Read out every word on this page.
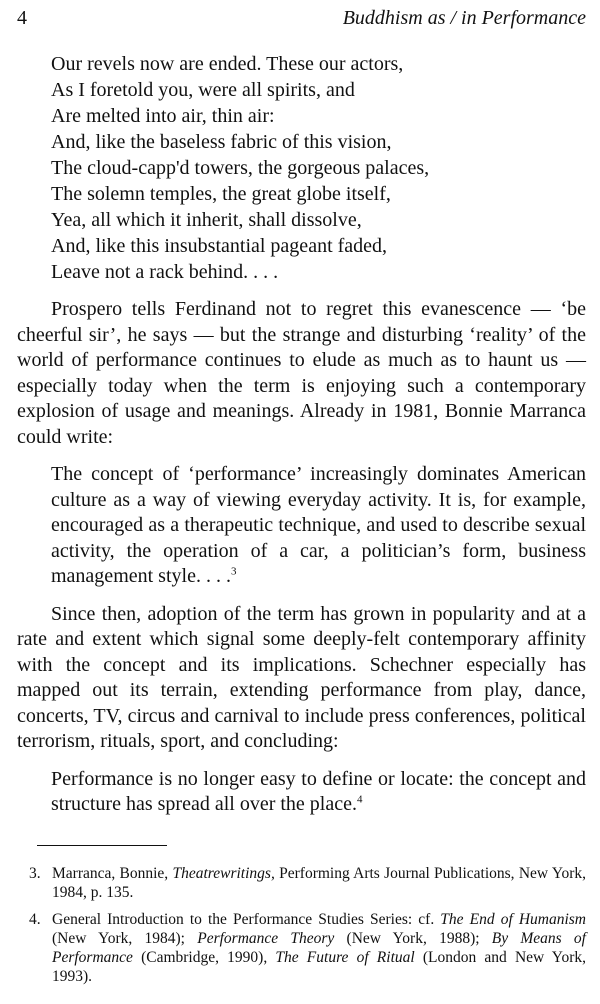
4	Buddhism as / in Performance
Our revels now are ended. These our actors,
As I foretold you, were all spirits, and
Are melted into air, thin air:
And, like the baseless fabric of this vision,
The cloud-capp'd towers, the gorgeous palaces,
The solemn temples, the great globe itself,
Yea, all which it inherit, shall dissolve,
And, like this insubstantial pageant faded,
Leave not a rack behind. . . .

Prospero tells Ferdinand not to regret this evanescence — ‘be cheerful sir’, he says — but the strange and disturbing ‘reality’ of the world of performance continues to elude as much as to haunt us — especially today when the term is enjoying such a contemporary explosion of usage and meanings. Already in 1981, Bonnie Marranca could write:

The concept of ‘performance’ increasingly dominates American culture as a way of viewing everyday activity. It is, for example, encouraged as a therapeutic technique, and used to describe sexual activity, the operation of a car, a politician’s form, business management style. . . .$^3$

Since then, adoption of the term has grown in popularity and at a rate and extent which signal some deeply-felt contemporary affinity with the concept and its implications. Schechner especially has mapped out its terrain, extending performance from play, dance, concerts, TV, circus and carnival to include press conferences, political terrorism, rituals, sport, and concluding:

Performance is no longer easy to define or locate: the concept and structure has spread all over the place.$^4$
3. Marranca, Bonnie, Theatrewritings, Performing Arts Journal Publications, New York, 1984, p. 135.
4. General Introduction to the Performance Studies Series: cf. The End of Humanism (New York, 1984); Performance Theory (New York, 1988); By Means of Performance (Cambridge, 1990), The Future of Ritual (London and New York, 1993).
